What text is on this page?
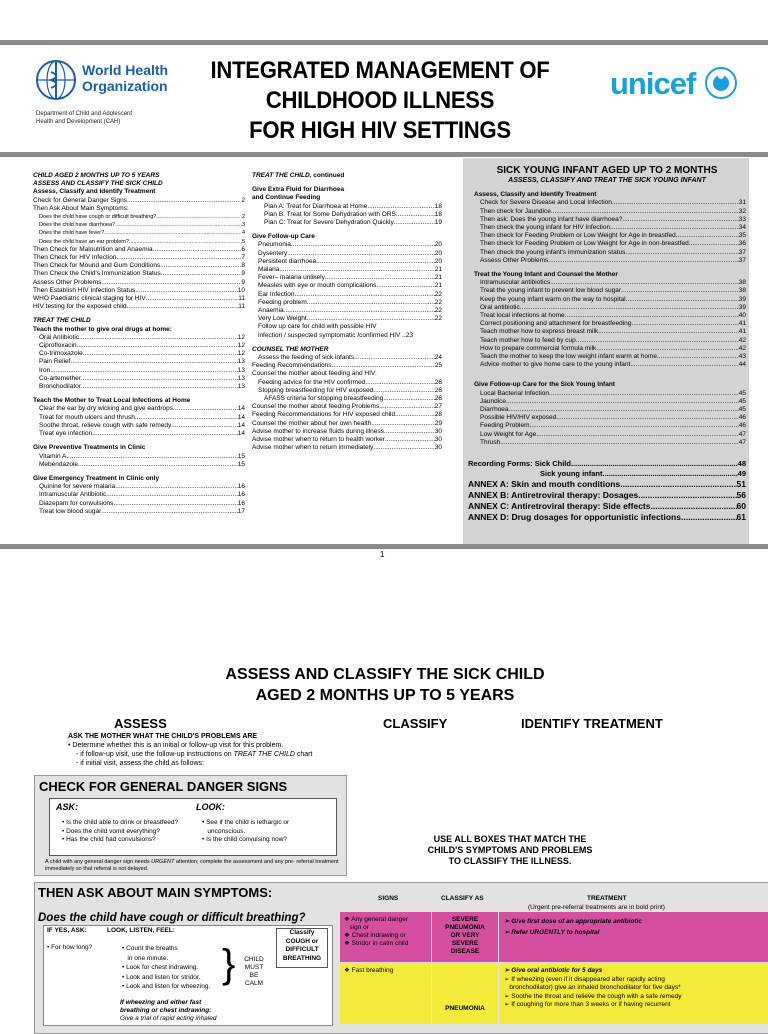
World Health Organization
Department of Child and Adolescent
Health and Development (CAH)
INTEGRATED MANAGEMENT OF
CHILDHOOD ILLNESS
FOR HIGH HIV SETTINGS
unicef
CHILD AGED 2 MONTHS UP TO 5 YEARS
ASSESS AND CLASSIFY THE SICK CHILD
Assess, Classify and Identify Treatment
Check for General Danger Signs .....	2
Then Ask About Main Symptoms:
Does the child have cough or difficult breathing? .....	2
Does the child have diarrhoea? .....	3
Does the child have fever? .....	4
Does the child have an ear problem? .....	5
Then Check for Malnutrition and Anaemia .....	6
Then Check for HIV Infection .....	7
Then Check for Mound and Gum Conditions .....	8
Then Check the Child's Immunization Status .....	9
Assess Other Problems .....	9
Then Establish HIV Infection Status .....	10
WHO Paediatric clinical staging for HIV .....	11
HIV testing for the exposed child .....	11
TREAT THE CHILD
Teach the mother to give oral drugs at home:
Oral Antibiotic .....	12
Ciprofloxacin .....	12
Co-trimoxazole .....	12
Pain Relief .....	13
Iron .....	13
Co-artemether .....	13
Bronchodilator .....	13
Teach the Mother to Treat Local Infections at Home
Clear the ear by dry wicking and give eardrops .....	14
Treat for mouth ulcers and thrush .....	14
Soothe throat, relieve cough with safe remedy .....	14
Treat eye infection .....	14
Give Preventive Treatments in Clinic
Vitamin A .....	15
Mebendazole .....	15
Give Emergency Treatment in Clinic only
Quinine for severe malaria .....	16
Intramuscular Antibiotic .....	16
Diazepam for convulsions .....	16
Treat low blood sugar .....	17
TREAT THE CHILD, continued
Give Extra Fluid for Diarrhoea
and Continue Feeding
Plan A: Treat for Diarrhoea at Home .....	18
Plan B: Treat for Some Dehydration with ORS .....	18
Plan C: Treat for Severe Dehydration Quickly .....	19
Give Follow-up Care
Pneumonia .....	20
Dysentery .....	20
Persistent diarrhoea .....	20
Malaria .....	21
Fever– malaria unlikely .....	21
Measles with eye or mouth complications .....	21
Ear Infection .....	22
Feeding problem .....	22
Anaemia .....	22
Very Low Weight .....	22
Follow up care for child with possible HIV
infection / suspected symptomatic /confirmed HIV ..23
COUNSEL THE MOTHER
Assess the feeding of sick infants .....	24
Feeding Recommendations .....	25
Counsel the mother about feeding and HIV:
Feeding advice for the HIV confirmed .....	26
Stopping breastfeeding for HIV exposed .....	26
AFASS criteria for stopping breastfeeding .....	26
Counsel the mother about feeding Problems .....	27
Feeding Recommendations for HIV exposed child .....	28
Counsel the mother about her own health .....	29
Advise mother to increase fluids during illness .....	30
Advise mother when to return to health worker .....	30
Advise mother when to return immediately .....	30
SICK YOUNG INFANT AGED UP TO 2 MONTHS
ASSESS, CLASSIFY AND TREAT THE SICK YOUNG INFANT
Assess, Classify and Identify Treatment
Check for Severe Disease and Local Infection .....	31
Then check for Jaundice .....	32
Then ask: Does the young infant have diarrhoea? .....	33
Then check the young infant for HIV Infection .....	34
Then check for Feeding Problem or Low Weight for Age in breastfed .....	35
Then check for Feeding Problem or Low Weight for Age in non-breastfed .....	36
Then check the young infant's immunization status .....	37
Assess Other Problems .....	37
Treat the Young Infant and Counsel the Mother
Intramuscular antibiotics .....	38
Treat the young infant to prevent low blood sugar .....	38
Keep the young infant warm on the way to hospital .....	39
Oral antibiotic .....	39
Treat local infections at home .....	40
Correct positioning and attachment for breastfeeding .....	41
Teach mother how to express breast milk .....	41
Teach mother how to feed by cup .....	42
How to prepare commercial formula milk .....	42
Teach the mother to keep the low weight infant warm at home .....	43
Advice mother to give home care to the young infant .....	44
Give Follow-up Care for the Sick Young Infant
Local Bacterial Infection .....	45
Jaundice .....	45
Diarrhoea .....	45
Possible HIV/HIV exposed .....	46
Feeding Problem .....	46
Low Weight for Age .....	47
Thrush .....	47
Recording Forms:
Sick Child .....	48
Sick young infant .....	49
ANNEX A: Skin and mouth conditions .....	51
ANNEX B: Antiretroviral therapy: Dosages .....	56
ANNEX C: Antiretroviral therapy: Side effects .....	60
ANNEX D: Drug dosages for opportunistic infections .....	61
1
ASSESS AND CLASSIFY THE SICK CHILD
AGED 2 MONTHS UP TO 5 YEARS
ASSESS	CLASSIFY	IDENTIFY TREATMENT
ASK THE MOTHER WHAT THE CHILD'S PROBLEMS ARE
• Determine whether this is an initial or follow-up visit for this problem.
- if follow-up visit, use the follow-up instructions on TREAT THE CHILD chart
- if initial visit, assess the child as follows:
CHECK FOR GENERAL DANGER SIGNS
ASK:	LOOK:
• Is the child able to drink or breastfeed?
• Does the child vomit everything?
• Has the child had convulsions?
• See if the child is lethargic or
unconscious.
• Is the child convulsing now?
A child with any general danger sign needs URGENT attention; complete the assessment and any pre- referral treatment immediately so that referral is not delayed.
USE ALL BOXES THAT MATCH THE
CHILD'S SYMPTOMS AND PROBLEMS
TO CLASSIFY THE ILLNESS.
THEN ASK ABOUT MAIN SYMPTOMS:
Does the child have cough or difficult breathing?
SIGNS	CLASSIFY AS	TREATMENT
(Urgent pre-referral treatments are in bold print)
IF YES, ASK:	LOOK, LISTEN, FEEL:
• For how long?	• Count the breaths
in one minute.
• Look for chest indrawing.
• Look and listen for stridor.
• Look and listen for wheezing.
} CHILD
MUST
BE
CALM
Classify
COUGH or
DIFFICULT
BREATHING
If wheezing and either fast
breathing or chest indrawing:
Give a trial of rapid acting inhaled
❖ Any general danger
sign or
❖ Chest indrawing or
❖ Stridor in calm child
SEVERE
PNEUMONIA
OR VERY
SEVERE
DISEASE
➢ Give first dose of an appropriate antibiotic
➢ Refer URGENTLY to hospital
❖ Fast breathing
PNEUMONIA
➢ Give oral antibiotic for 5 days
➢ If wheezing (even if it disappeared after rapidly acting
bronchodilator) give an inhaled bronchodilator for five days*
➢ Soothe the throat and relieve the cough with a safe remedy
➢ If coughing for more than 3 weeks or if having recurrent
